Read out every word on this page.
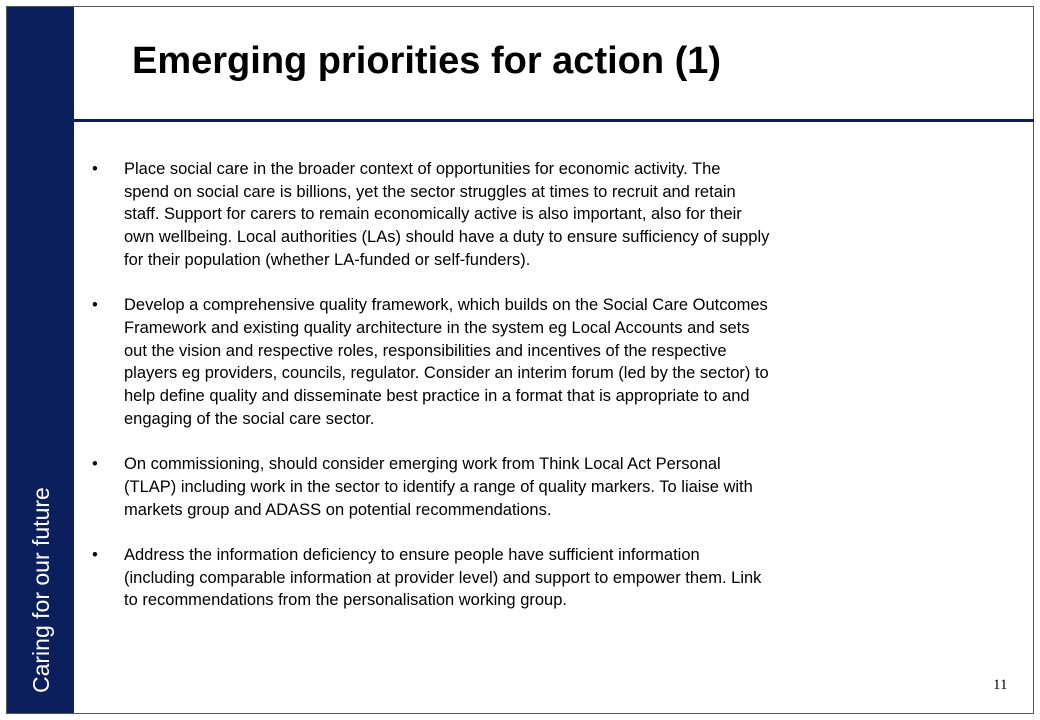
Caring for our future
Emerging priorities for action (1)
• Place social care in the broader context of opportunities for economic activity. The
spend on social care is billions, yet the sector struggles at times to recruit and retain
staff. Support for carers to remain economically active is also important, also for their
own wellbeing. Local authorities (LAs) should have a duty to ensure sufficiency of supply
for their population (whether LA-funded or self-funders).
• Develop a comprehensive quality framework, which builds on the Social Care Outcomes
Framework and existing quality architecture in the system eg Local Accounts and sets
out the vision and respective roles, responsibilities and incentives of the respective
players eg providers, councils, regulator. Consider an interim forum (led by the sector) to
help define quality and disseminate best practice in a format that is appropriate to and
engaging of the social care sector.
• On commissioning, should consider emerging work from Think Local Act Personal
(TLAP) including work in the sector to identify a range of quality markers. To liaise with
markets group and ADASS on potential recommendations.
• Address the information deficiency to ensure people have sufficient information
(including comparable information at provider level) and support to empower them. Link
to recommendations from the personalisation working group.
11
